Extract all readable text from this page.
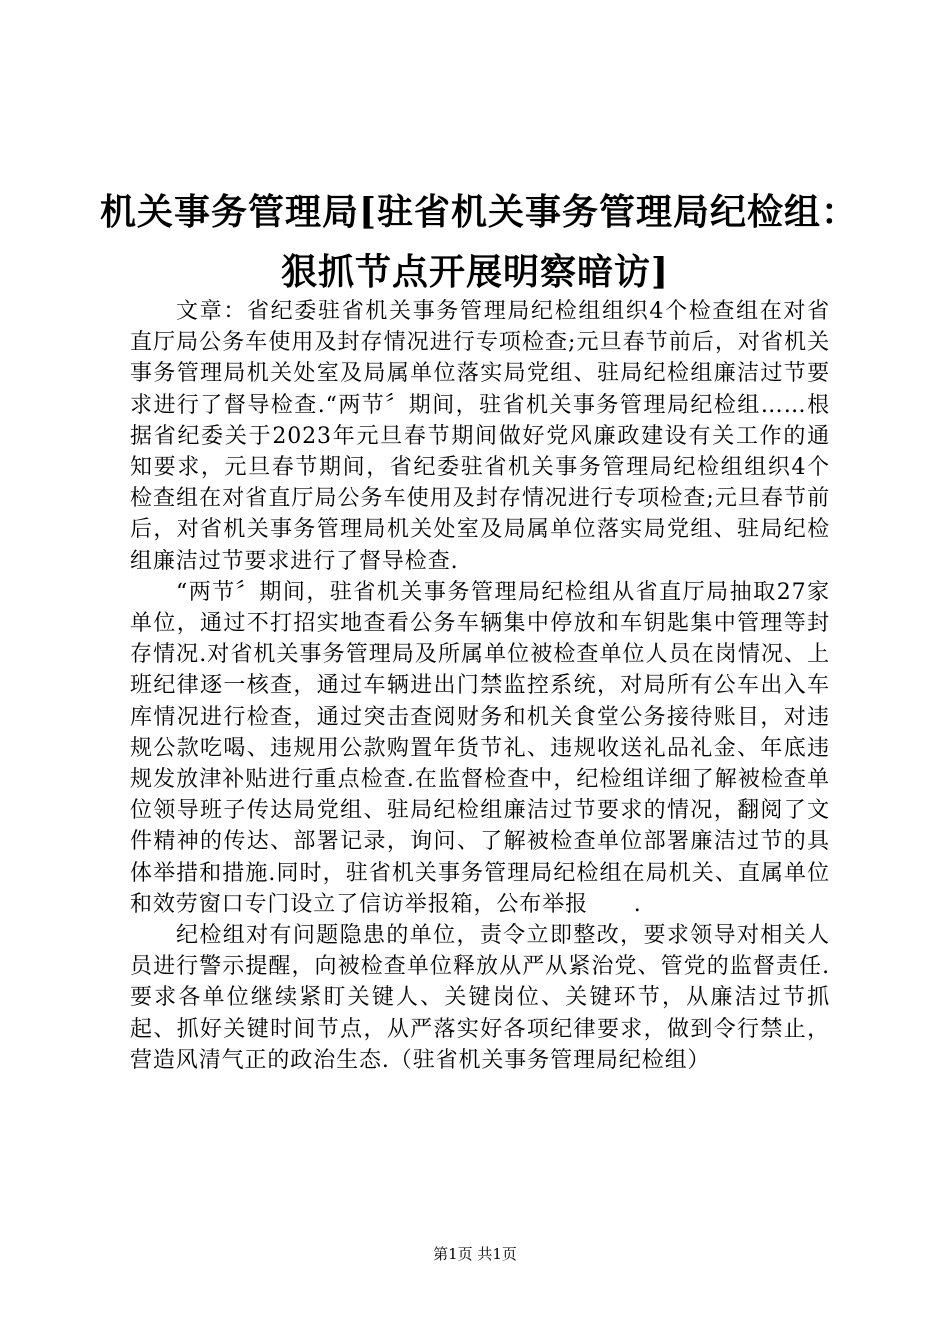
机关事务管理局[驻省机关事务管理局纪检组：
狠抓节点开展明察暗访]

文章：省纪委驻省机关事务管理局纪检组组织4个检查组在对省直厅局公务车使用及封存情况进行专项检查;元旦春节前后，对省机关事务管理局机关处室及局属单位落实局党组、驻局纪检组廉洁过节要求进行了督导检查.“两节〞期间，驻省机关事务管理局纪检组……根据省纪委关于2023年元旦春节期间做好党风廉政建设有关工作的通知要求，元旦春节期间，省纪委驻省机关事务管理局纪检组组织4个检查组在对省直厅局公务车使用及封存情况进行专项检查;元旦春节前后，对省机关事务管理局机关处室及局属单位落实局党组、驻局纪检组廉洁过节要求进行了督导检查.

“两节〞期间，驻省机关事务管理局纪检组从省直厅局抽取27家单位，通过不打招实地查看公务车辆集中停放和车钥匙集中管理等封存情况.对省机关事务管理局及所属单位被检查单位人员在岗情况、上班纪律逐一核查，通过车辆进出门禁监控系统，对局所有公车出入车库情况进行检查，通过突击查阅财务和机关食堂公务接待账目，对违规公款吃喝、违规用公款购置年货节礼、违规收送礼品礼金、年底违规发放津补贴进行重点检查.在监督检查中，纪检组详细了解被检查单位领导班子传达局党组、驻局纪检组廉洁过节要求的情况，翻阅了文件精神的传达、部署记录，询问、了解被检查单位部署廉洁过节的具体举措和措施.同时，驻省机关事务管理局纪检组在局机关、直属单位和效劳窗口专门设立了信访举报箱，公布举报　　.

纪检组对有问题隐患的单位，责令立即整改，要求领导对相关人员进行警示提醒，向被检查单位释放从严从紧治党、管党的监督责任.要求各单位继续紧盯关键人、关键岗位、关键环节，从廉洁过节抓起、抓好关键时间节点，从严落实好各项纪律要求，做到令行禁止，营造风清气正的政治生态.（驻省机关事务管理局纪检组）

第1页 共1页
